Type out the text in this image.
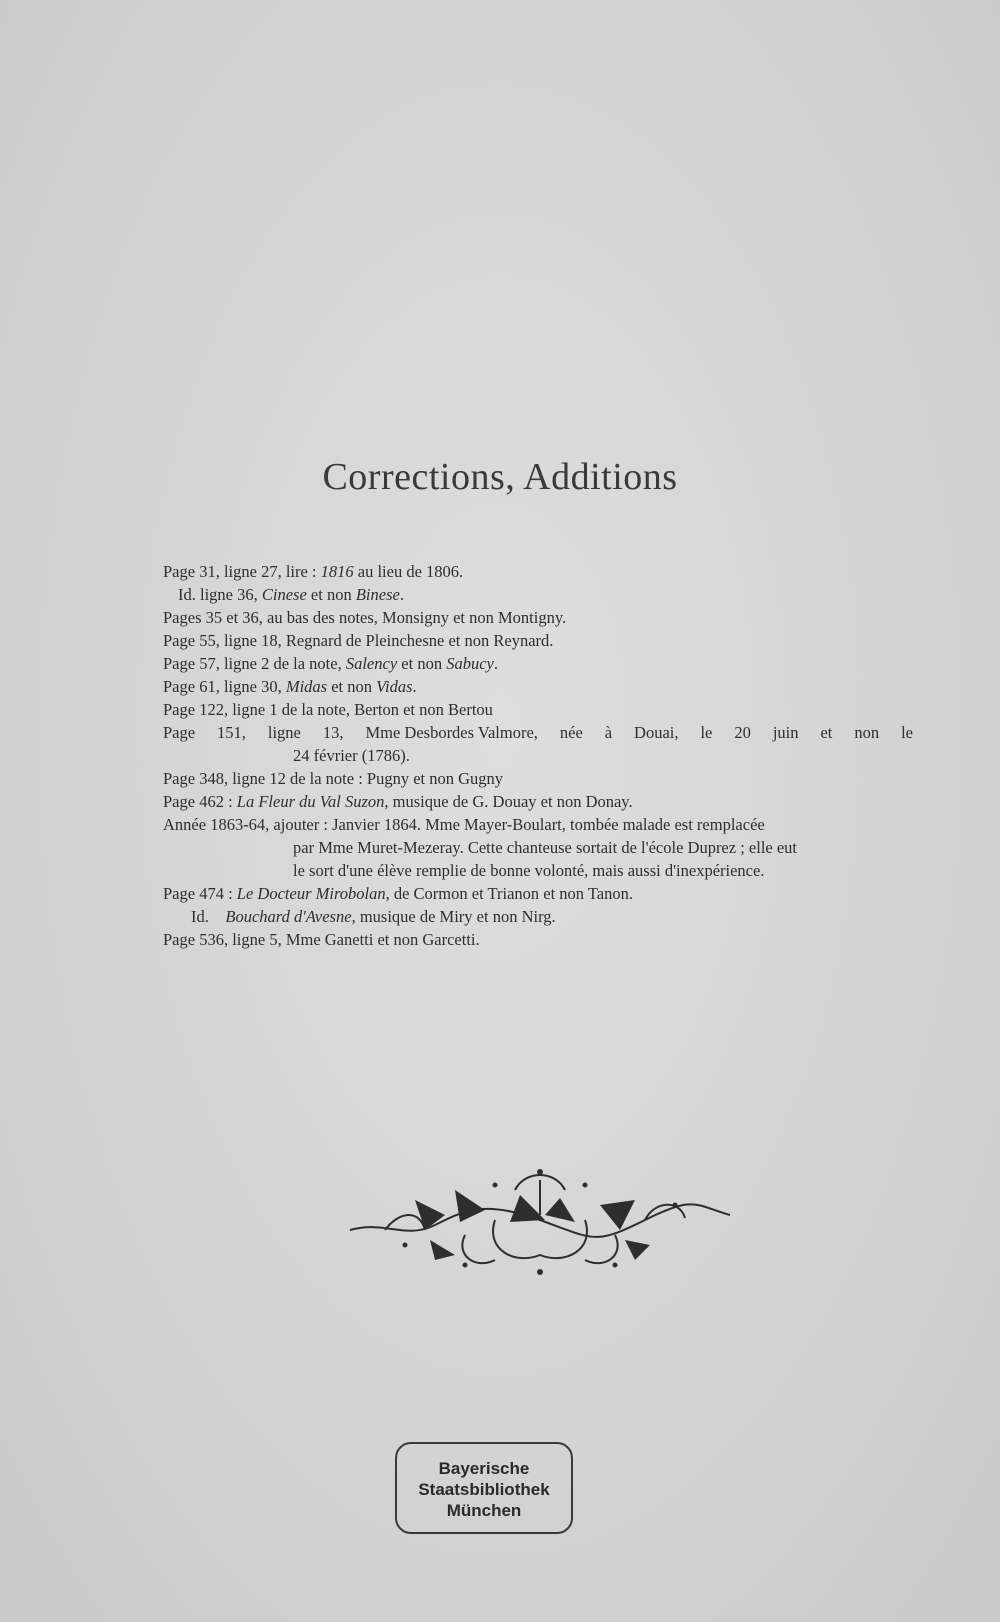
Corrections, Additions
Page 31, ligne 27, lire : 1816 au lieu de 1806.
Id. ligne 36, Cinese et non Binese.
Pages 35 et 36, au bas des notes, Monsigny et non Montigny.
Page 55, ligne 18, Regnard de Pleinchesne et non Reynard.
Page 57, ligne 2 de la note, Salency et non Sabucy.
Page 61, ligne 30, Midas et non Vidas.
Page 122, ligne 1 de la note, Berton et non Bertou
Page 151, ligne 13, Mme Desbordes Valmore, née à Douai, le 20 juin et non le
24 février (1786).
Page 348, ligne 12 de la note : Pugny et non Gugny
Page 462 : La Fleur du Val Suzon, musique de G. Douay et non Donay.
Année 1863-64, ajouter : Janvier 1864. Mme Mayer-Boulart, tombée malade est remplacée
par Mme Muret-Mezeray. Cette chanteuse sortait de l'école Duprez ; elle eut
le sort d'une élève remplie de bonne volonté, mais aussi d'inexpérience.
Page 474 : Le Docteur Mirobolan, de Cormon et Trianon et non Tanon.
Id.    Bouchard d'Avesne, musique de Miry et non Nirg.
Page 536, ligne 5, Mme Ganetti et non Garcetti.
Bayerische
Staatsbibliothek
München
